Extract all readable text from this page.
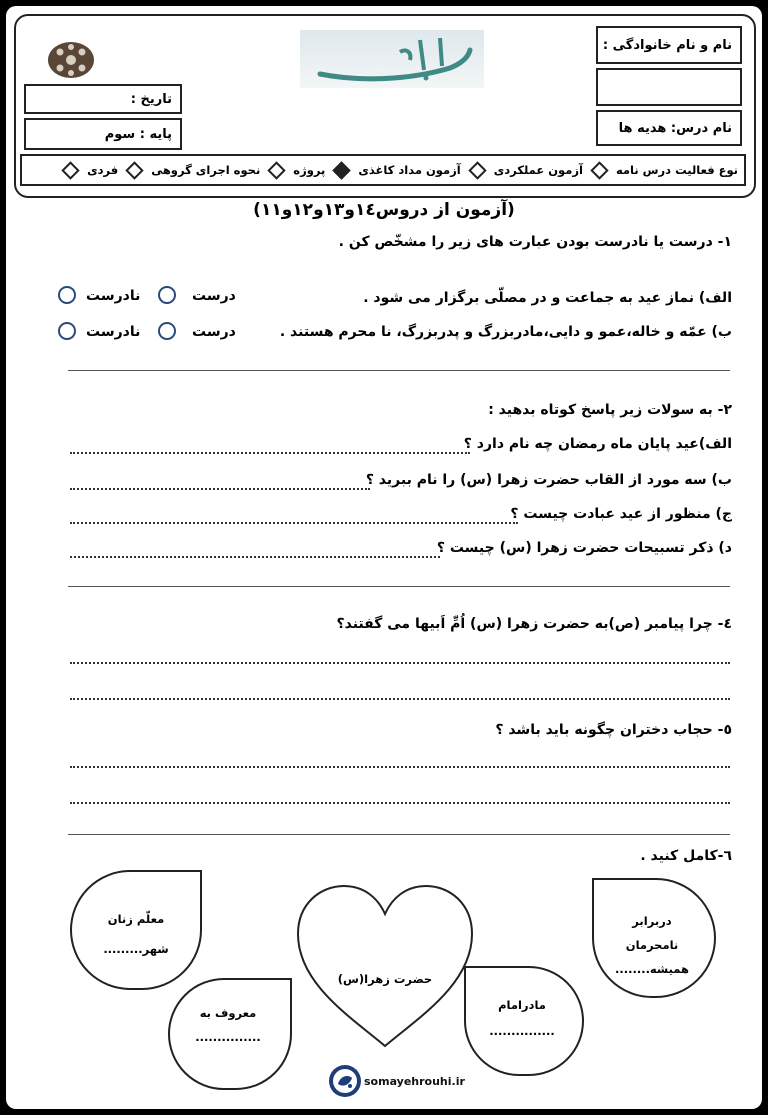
نام و نام خانوادگی :
نام درس: هدیه ها
تاریخ :
پایه : سوم
نوع فعالیت درس نامه
آزمون عملکردی
آزمون مداد کاغذی
پروژه
نحوه اجرای گروهی
فردی
(آزمون از دروس١٤و١٣و١٢و١١)
١- درست یا نادرست بودن عبارت های زیر را مشخّص کن .
الف) نماز عید به جماعت و در مصلّی برگزار می شود .
ب) عمّه و خاله،عمو و دایی،مادربزرگ و پدربزرگ، نا محرم هستند .
درست
نادرست
درست
نادرست
٢- به سولات زیر پاسخ کوتاه بدهید :
الف)عید پایان ماه رمضان چه نام دارد ؟
ب) سه مورد از القاب حضرت زهرا (س) را نام ببرید ؟
ج) منظور از عید عبادت چیست ؟
د) ذکر تسبیحات حضرت زهرا (س) چیست ؟
٤- چرا پیامبر (ص)به حضرت زهرا (س) اُمِّ اَبیها می گفتند؟
٥- حجاب دختران چگونه باید باشد ؟
٦-کامل کنید .
حضرت زهرا(س)
معلّم زنان
شهر.........
معروف به
...............
مادرامام
...............
دربرابر
نامحرمان
همیشه........
somayehrouhi.ir
